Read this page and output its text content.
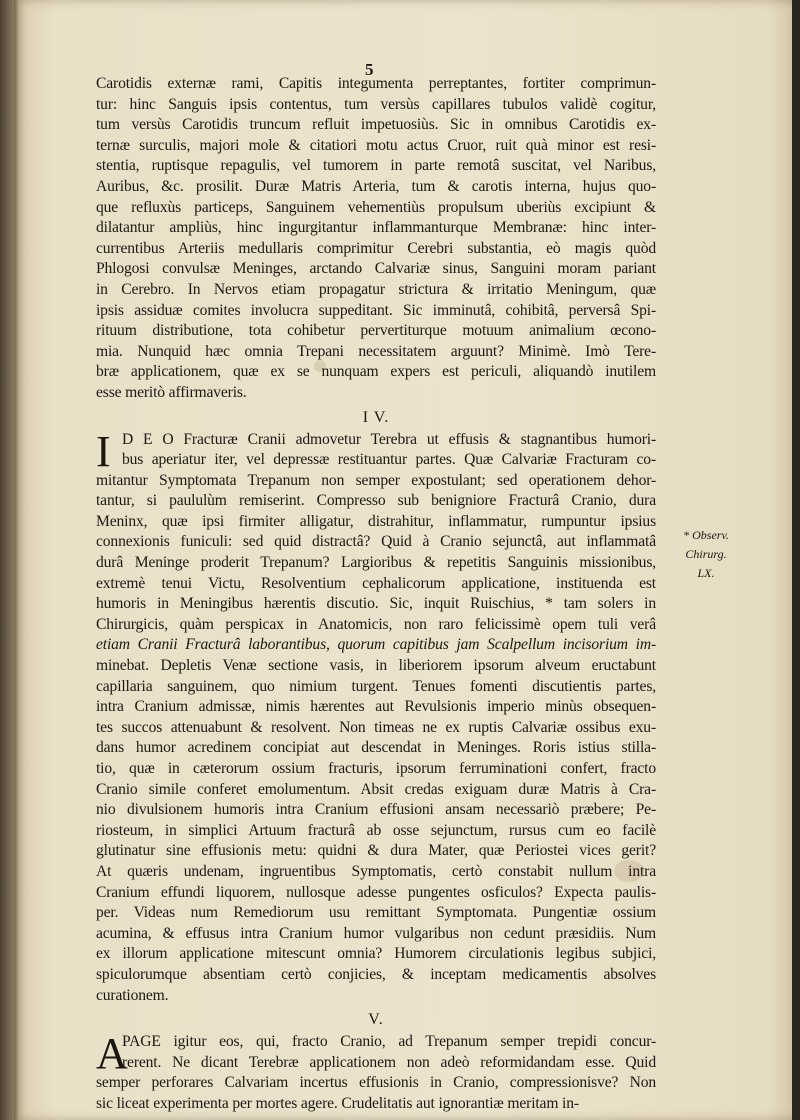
5
Carotidis externæ rami, Capitis integumenta perreptantes, fortiter comprimun-
tur: hinc Sanguis ipsis contentus, tum versùs capillares tubulos validè cogitur,
tum versùs Carotidis truncum refluit impetuosiùs. Sic in omnibus Carotidis ex-
ternæ surculis, majori mole & citatiori motu actus Cruor, ruit quà minor est resi-
stentia, ruptisque repagulis, vel tumorem in parte remotâ suscitat, vel Naribus,
Auribus, &c. prosilit. Duræ Matris Arteria, tum & carotis interna, hujus quo-
que refluxùs particeps, Sanguinem vehementiùs propulsum uberiùs excipiunt &
dilatantur ampliùs, hinc ingurgitantur inflammanturque Membranæ: hinc inter-
currentibus Arteriis medullaris comprimitur Cerebri substantia, eò magis quòd
Phlogosi convulsæ Meninges, arctando Calvariæ sinus, Sanguini moram pariant
in Cerebro. In Nervos etiam propagatur strictura & irritatio Meningum, quæ
ipsis assiduæ comites involucra suppeditant. Sic imminutâ, cohibitâ, perversâ Spi-
rituum distributione, tota cohibetur pervertiturque motuum animalium œcono-
mia. Nunquid hæc omnia Trepani necessitatem arguunt? Minimè. Imò Tere-
bræ applicationem, quæ ex se nunquam expers est periculi, aliquandò inutilem
esse meritò affirmaveris.
I V.
I D E O Fracturæ Cranii admovetur Terebra ut effusis & stagnantibus humori-
bus aperiatur iter, vel depressæ restituantur partes. Quæ Calvariæ Fracturam co-
mitantur Symptomata Trepanum non semper expostulant; sed operationem dehor-
tantur, si paululùm remiserint. Compresso sub benigniore Fracturâ Cranio, dura
Meninx, quæ ipsi firmiter alligatur, distrahitur, inflammatur, rumpuntur ipsius
connexionis funiculi: sed quid distractâ? Quid à Cranio sejunctâ, aut inflammatâ
durâ Meninge proderit Trepanum? Largioribus & repetitis Sanguinis missionibus,
extremè tenui Victu, Resolventium cephalicorum applicatione, instituenda est
humoris in Meningibus hærentis discutio. Sic, inquit Ruischius, * tam solers in
Chirurgicis, quàm perspicax in Anatomicis, non raro felicissimè opem tuli verâ
etiam Cranii Fracturâ laborantibus, quorum capitibus jam Scalpellum incisorium im-
minebat. Depletis Venæ sectione vasis, in liberiorem ipsorum alveum eructabunt
capillaria sanguinem, quo nimium turgent. Tenues fomenti discutientis partes,
intra Cranium admissæ, nimis hærentes aut Revulsionis imperio minùs obsequen-
tes succos attenuabunt & resolvent. Non timeas ne ex ruptis Calvariæ ossibus exu-
dans humor acredinem concipiat aut descendat in Meninges. Roris istius stilla-
tio, quæ in cæterorum ossium fracturis, ipsorum ferruminationi confert, fracto
Cranio simile conferet emolumentum. Absit credas exiguam duræ Matris à Cra-
nio divulsionem humoris intra Cranium effusioni ansam necessariò præbere; Pe-
riosteum, in simplici Artuum fracturâ ab osse sejunctum, rursus cum eo facilè
glutinatur sine effusionis metu: quidni & dura Mater, quæ Periostei vices gerit?
At quæris undenam, ingruentibus Symptomatis, certò constabit nullum intra
Cranium effundi liquorem, nullosque adesse pungentes osficulos? Expecta paulis-
per. Videas num Remediorum usu remittant Symptomata. Pungentiæ ossium
acumina, & effusus intra Cranium humor vulgaribus non cedunt præsidiis. Num
ex illorum applicatione mitescunt omnia? Humorem circulationis legibus subjici,
spiculorumque absentiam certò conjicies, & inceptam medicamentis absolves
curationem.
V.
A
PAGE igitur eos, qui, fracto Cranio, ad Trepanum semper trepidi concur-
rerent. Ne dicant Terebræ applicationem non adeò reformidandam esse. Quid
semper perforares Calvariam incertus effusionis in Cranio, compressionisve? Non
sic liceat experimenta per mortes agere. Crudelitatis aut ignorantiæ meritam in-
* Observ.
Chirurg.
LX.
